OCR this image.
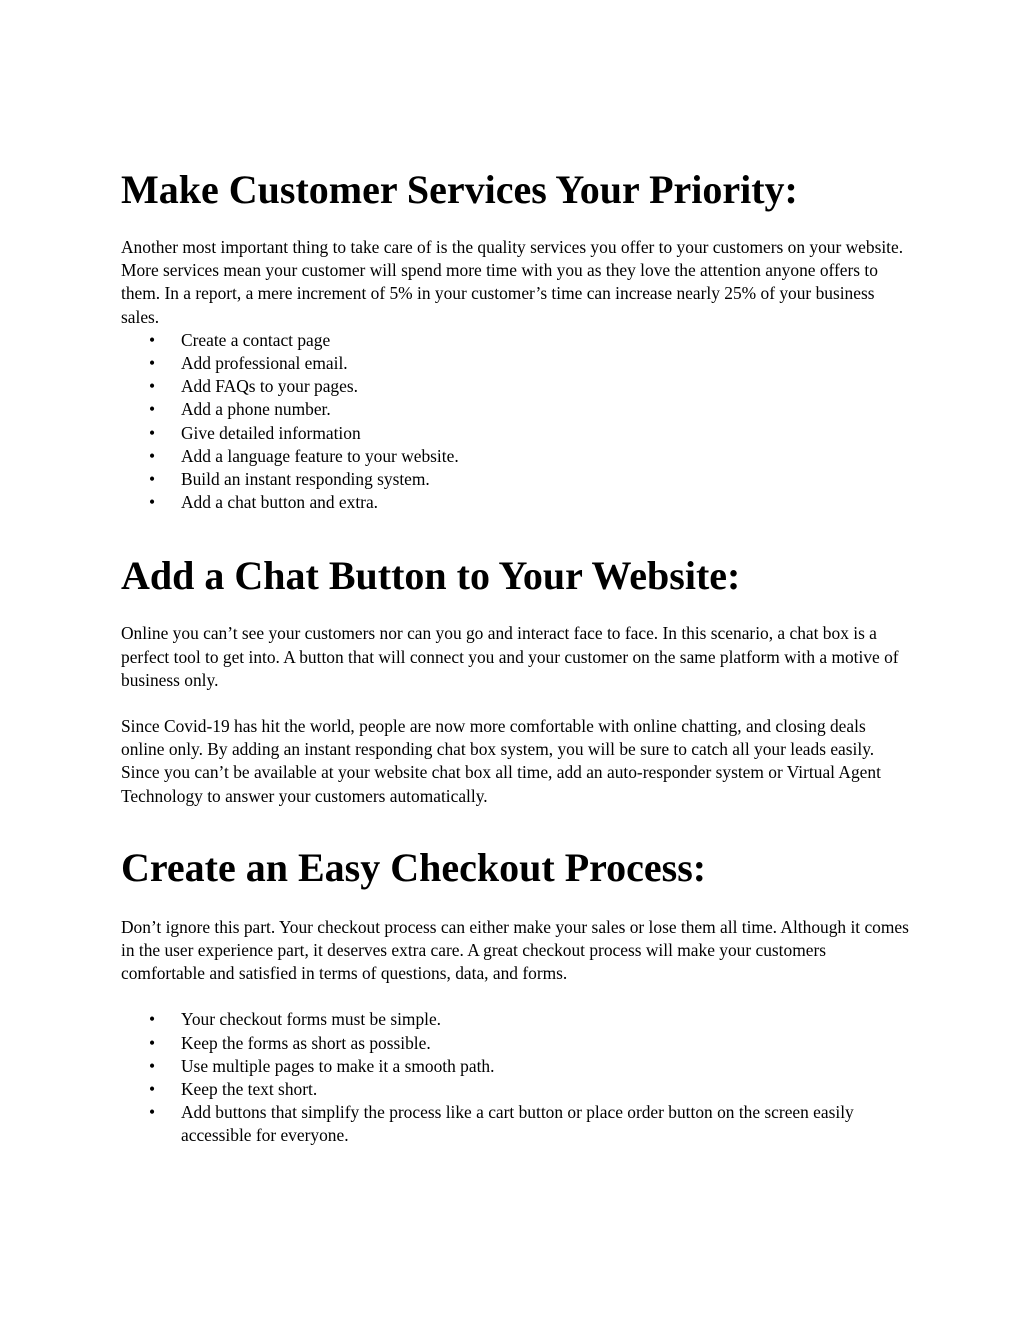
Make Customer Services Your Priority:

Another most important thing to take care of is the quality services you offer to your customers on your website. More services mean your customer will spend more time with you as they love the attention anyone offers to them. In a report, a mere increment of 5% in your customer’s time can increase nearly 25% of your business sales.

• Create a contact page
• Add professional email.
• Add FAQs to your pages.
• Add a phone number.
• Give detailed information
• Add a language feature to your website.
• Build an instant responding system.
• Add a chat button and extra.
Add a Chat Button to Your Website:

Online you can’t see your customers nor can you go and interact face to face. In this scenario, a chat box is a perfect tool to get into. A button that will connect you and your customer on the same platform with a motive of business only.

Since Covid-19 has hit the world, people are now more comfortable with online chatting, and closing deals online only. By adding an instant responding chat box system, you will be sure to catch all your leads easily.

Since you can’t be available at your website chat box all time, add an auto-responder system or Virtual Agent Technology to answer your customers automatically.

Create an Easy Checkout Process:

Don’t ignore this part. Your checkout process can either make your sales or lose them all time. Although it comes in the user experience part, it deserves extra care. A great checkout process will make your customers comfortable and satisfied in terms of questions, data, and forms.

• Your checkout forms must be simple.
• Keep the forms as short as possible.
• Use multiple pages to make it a smooth path.
• Keep the text short.
• Add buttons that simplify the process like a cart button or place order button on the screen easily accessible for everyone.
